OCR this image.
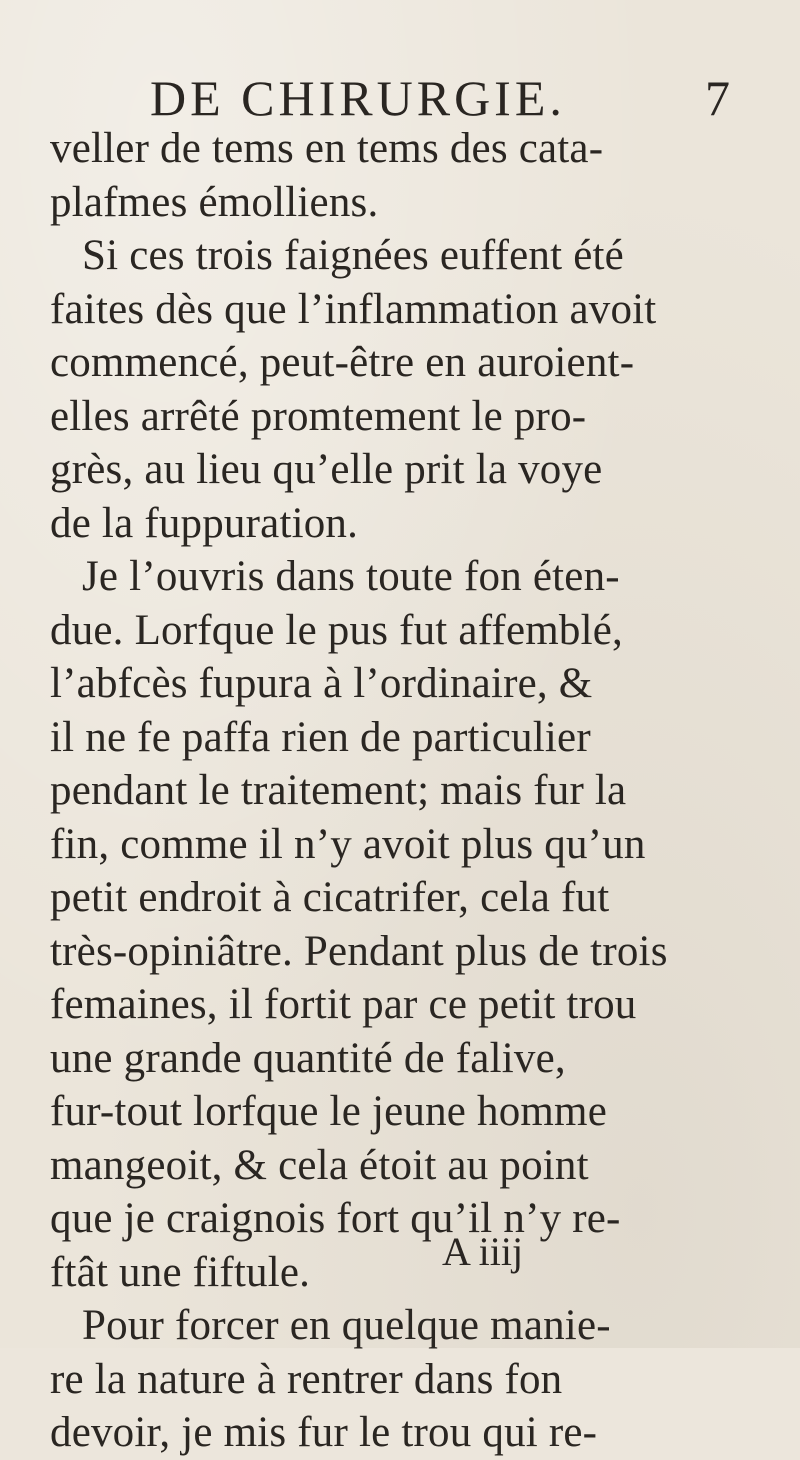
DE CHIRURGIE.	7
veller de tems en tems des cata-
plafmes émolliens.
Si ces trois faignées euffent été
faites dès que l’inflammation avoit
commencé, peut-être en auroient-
elles arrêté promtement le pro-
grès, au lieu qu’elle prit la voye
de la fuppuration.
Je l’ouvris dans toute fon éten-
due. Lorfque le pus fut affemblé,
l’abfcès fupura à l’ordinaire, &
il ne fe paffa rien de particulier
pendant le traitement; mais fur la
fin, comme il n’y avoit plus qu’un
petit endroit à cicatrifer, cela fut
très-opiniâtre. Pendant plus de trois
femaines, il fortit par ce petit trou
une grande quantité de falive,
fur-tout lorfque le jeune homme
mangeoit, & cela étoit au point
que je craignois fort qu’il n’y re-
ftât une fiftule.
Pour forcer en quelque manie-
re la nature à rentrer dans fon
devoir, je mis fur le trou qui re-
A iiij
